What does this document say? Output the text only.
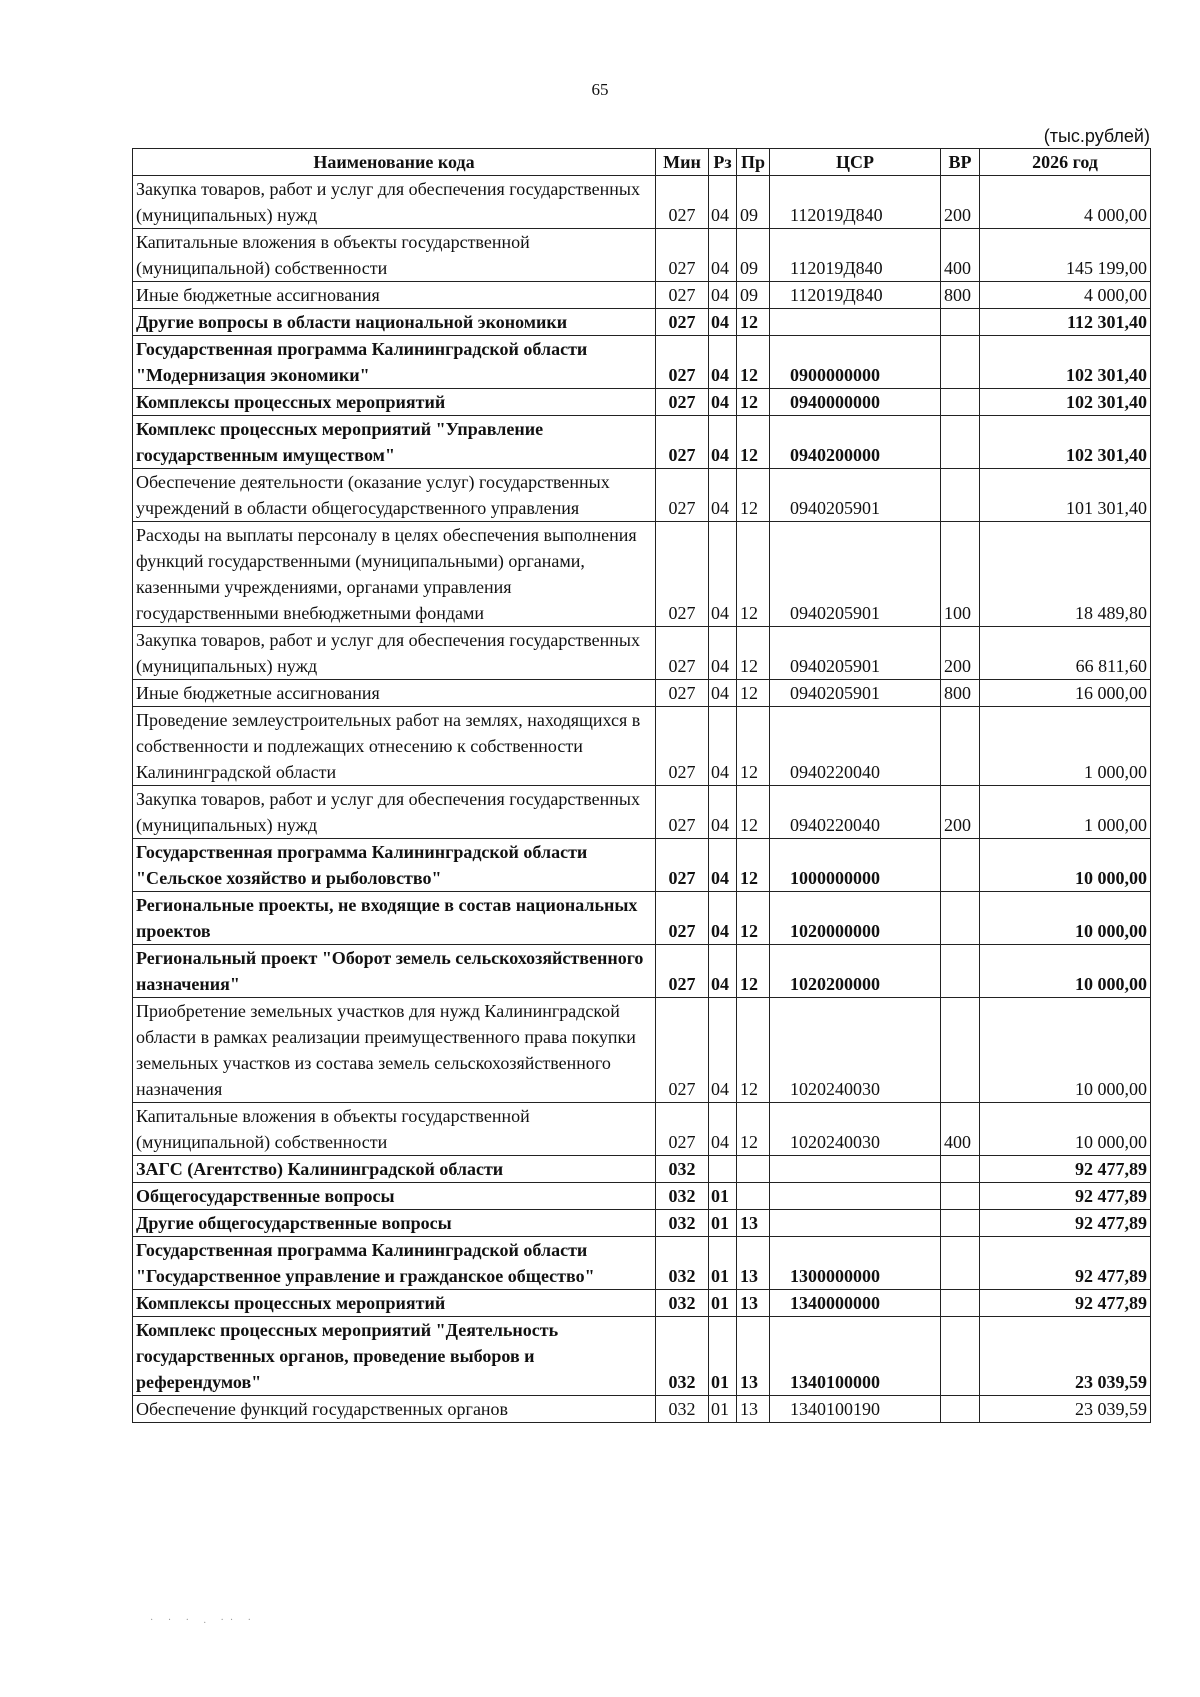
65
(тыс.рублей)
Наименование кода	Мин	Рз	Пр	ЦСР	ВР	2026 год
Закупка товаров, работ и услуг для обеспечения государственных (муниципальных) нужд	027	04	09	112019Д840	200	4 000,00
Капитальные вложения в объекты государственной (муниципальной) собственности	027	04	09	112019Д840	400	145 199,00
Иные бюджетные ассигнования	027	04	09	112019Д840	800	4 000,00
Другие вопросы в области национальной экономики	027	04	12			112 301,40
Государственная программа Калининградской области "Модернизация экономики"	027	04	12	0900000000		102 301,40
Комплексы процессных мероприятий	027	04	12	0940000000		102 301,40
Комплекс процессных мероприятий "Управление государственным имуществом"	027	04	12	0940200000		102 301,40
Обеспечение деятельности (оказание услуг) государственных учреждений в области общегосударственного управления	027	04	12	0940205901		101 301,40
Расходы на выплаты персоналу в целях обеспечения выполнения функций государственными (муниципальными) органами, казенными учреждениями, органами управления государственными внебюджетными фондами	027	04	12	0940205901	100	18 489,80
Закупка товаров, работ и услуг для обеспечения государственных (муниципальных) нужд	027	04	12	0940205901	200	66 811,60
Иные бюджетные ассигнования	027	04	12	0940205901	800	16 000,00
Проведение землеустроительных работ на землях, находящихся в собственности и подлежащих отнесению к собственности Калининградской области	027	04	12	0940220040		1 000,00
Закупка товаров, работ и услуг для обеспечения государственных (муниципальных) нужд	027	04	12	0940220040	200	1 000,00
Государственная программа Калининградской области "Сельское хозяйство и рыболовство"	027	04	12	1000000000		10 000,00
Региональные проекты, не входящие в состав национальных проектов	027	04	12	1020000000		10 000,00
Региональный проект "Оборот земель сельскохозяйственного назначения"	027	04	12	1020200000		10 000,00
Приобретение земельных участков для нужд Калининградской области в рамках реализации преимущественного права покупки земельных участков из состава земель сельскохозяйственного назначения	027	04	12	1020240030		10 000,00
Капитальные вложения в объекты государственной (муниципальной) собственности	027	04	12	1020240030	400	10 000,00
ЗАГС (Агентство) Калининградской области	032					92 477,89
Общегосударственные вопросы	032	01				92 477,89
Другие общегосударственные вопросы	032	01	13			92 477,89
Государственная программа Калининградской области "Государственное управление и гражданское общество"	032	01	13	1300000000		92 477,89
Комплексы процессных мероприятий	032	01	13	1340000000		92 477,89
Комплекс процессных мероприятий "Деятельность государственных органов, проведение выборов и референдумов"	032	01	13	1340100000		23 039,59
Обеспечение функций государственных органов	032	01	13	1340100190		23 039,59
· · · . ·· ·
